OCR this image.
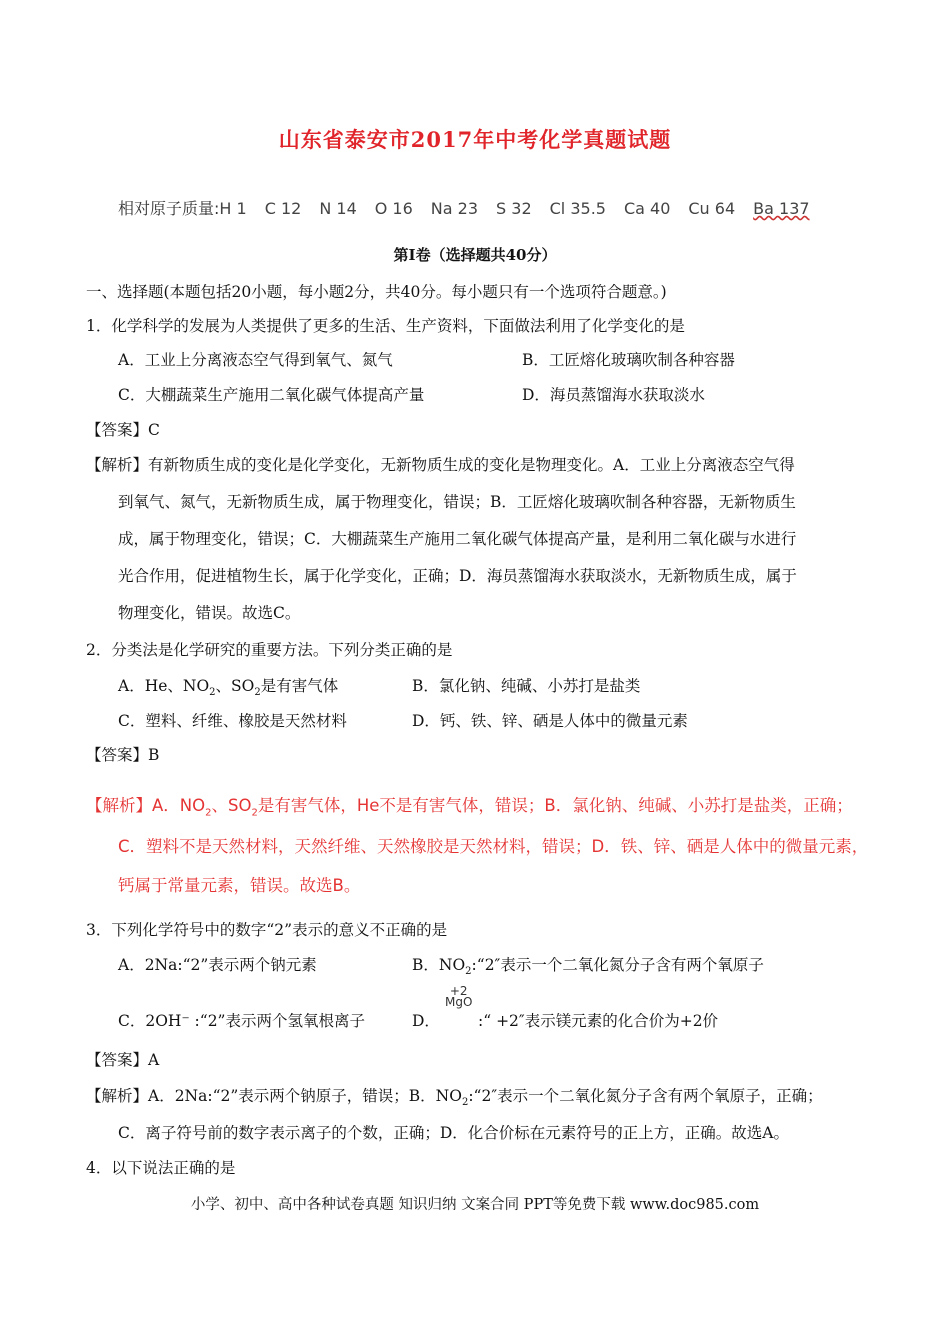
山东省泰安市2017年中考化学真题试题
相对原子质量:H 1 C 12 N 14 O 16 Na 23 S 32 Cl 35.5 Ca 40 Cu 64 Ba 137
第Ⅰ卷（选择题共40分）
一、选择题(本题包括20小题，每小题2分，共40分。每小题只有一个选项符合题意。)
1．化学科学的发展为人类提供了更多的生活、生产资料，下面做法利用了化学变化的是
A．工业上分离液态空气得到氧气、氮气	B．工匠熔化玻璃吹制各种容器
C．大棚蔬菜生产施用二氧化碳气体提高产量	D．海员蒸馏海水获取淡水
【答案】C
【解析】有新物质生成的变化是化学变化，无新物质生成的变化是物理变化。A．工业上分离液态空气得
到氧气、氮气，无新物质生成，属于物理变化，错误；B．工匠熔化玻璃吹制各种容器，无新物质生
成，属于物理变化，错误；C．大棚蔬菜生产施用二氧化碳气体提高产量，是利用二氧化碳与水进行
光合作用，促进植物生长，属于化学变化，正确；D．海员蒸馏海水获取淡水，无新物质生成，属于
物理变化，错误。故选C。
2．分类法是化学研究的重要方法。下列分类正确的是
A．He、$NO_2$、$SO_2$是有害气体	B．氯化钠、纯碱、小苏打是盐类
C．塑料、纤维、橡胶是天然材料	D．钙、铁、锌、硒是人体中的微量元素
【答案】B
【解析】A．$NO_2$、$SO_2$是有害气体，He不是有害气体，错误；B．氯化钠、纯碱、小苏打是盐类，正确；
C．塑料不是天然材料，天然纤维、天然橡胶是天然材料，错误；D．铁、锌、硒是人体中的微量元素，
钙属于常量元素，错误。故选B。
3．下列化学符号中的数字“2”表示的意义不正确的是
A．2Na:“2”表示两个钠元素	B．$NO_2:“2''$表示一个二氧化氮分子含有两个氧原子
C．2OH⁻ :“2”表示两个氢氧根离子	D．
+2
MgO
:“ +2″表示镁元素的化合价为+2价
【答案】A
【解析】A．2Na:“2”表示两个钠原子，错误；B．$NO_2:“2''$表示一个二氧化氮分子含有两个氧原子，正确；
C．离子符号前的数字表示离子的个数，正确；D．化合价标在元素符号的正上方，正确。故选A。
4．以下说法正确的是
小学、初中、高中各种试卷真题 知识归纳 文案合同 PPT等免费下载 www.doc985.com
